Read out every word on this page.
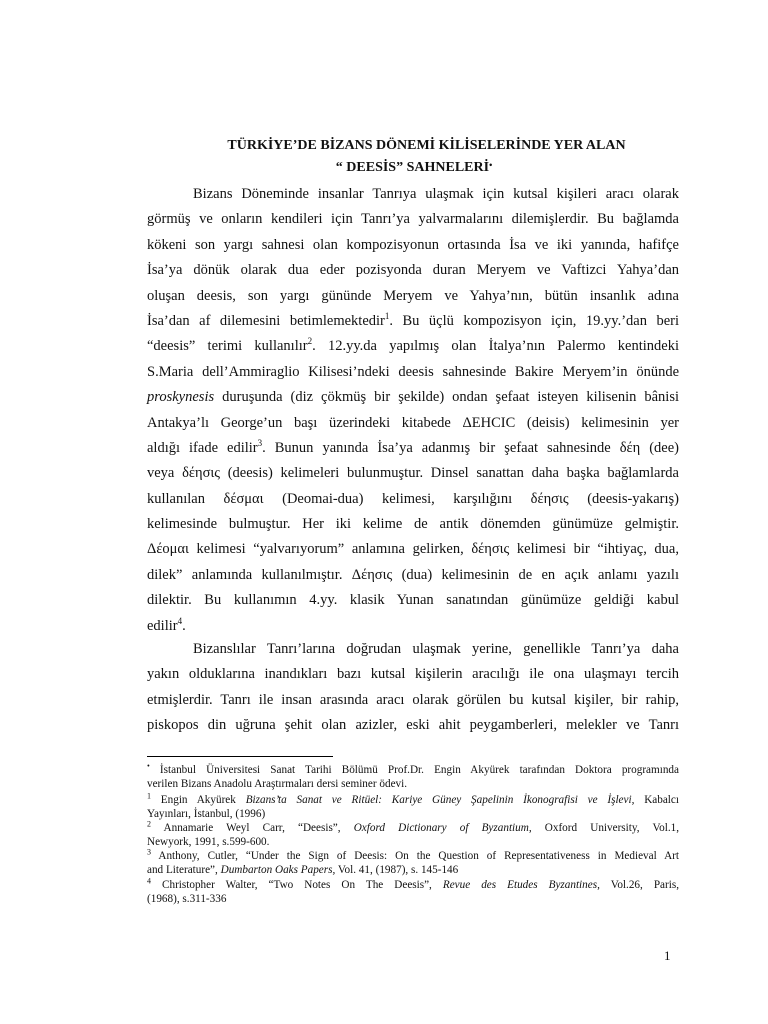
TÜRKİYE’DE BİZANS DÖNEMİ KİLİSELERİNDE YER ALAN
“ DEESİS” SAHNELERİ•
Bizans Döneminde insanlar Tanrıya ulaşmak için kutsal kişileri aracı olarak
görmüş ve onların kendileri için Tanrı’ya yalvarmalarını dilemişlerdir. Bu bağlamda
kökeni son yargı sahnesi olan kompozisyonun ortasında İsa ve iki yanında, hafifçe
İsa’ya dönük olarak dua eder pozisyonda duran Meryem ve Vaftizci Yahya’dan
oluşan deesis, son yargı gününde Meryem ve Yahya’nın, bütün insanlık adına
İsa’dan af dilemesini betimlemektedir$^1$. Bu üçlü kompozisyon için, 19.yy.’dan beri
“deesis” terimi kullanılır$^2$. 12.yy.da yapılmış olan İtalya’nın Palermo kentindeki
S.Maria dell’Ammiraglio Kilisesi’ndeki deesis sahnesinde Bakire Meryem’in önünde
proskynesis duruşunda (diz çökmüş bir şekilde) ondan şefaat isteyen kilisenin bânisi
Antakya’lı George’un başı üzerindeki kitabede ΔEHCIC (deisis) kelimesinin yer
aldığı ifade edilir$^3$. Bunun yanında İsa’ya adanmış bir şefaat sahnesinde δέη (dee)
veya δέησις (deesis) kelimeleri bulunmuştur. Dinsel sanattan daha başka bağlamlarda
kullanılan δέσμαι (Deomai-dua) kelimesi, karşılığını δέησις (deesis-yakarış)
kelimesinde bulmuştur. Her iki kelime de antik dönemden günümüze gelmiştir.
Δέομαι kelimesi “yalvarıyorum” anlamına gelirken, δέησις kelimesi bir “ihtiyaç, dua,
dilek” anlamında kullanılmıştır. Δέησις (dua) kelimesinin de en açık anlamı yazılı
dilektir. Bu kullanımın 4.yy. klasik Yunan sanatından günümüze geldiği kabul
edilir$^4$.
Bizanslılar Tanrı’larına doğrudan ulaşmak yerine, genellikle Tanrı’ya daha
yakın olduklarına inandıkları bazı kutsal kişilerin aracılığı ile ona ulaşmayı tercih
etmişlerdir. Tanrı ile insan arasında aracı olarak görülen bu kutsal kişiler, bir rahip,
piskopos din uğruna şehit olan azizler, eski ahit peygamberleri, melekler ve Tanrı
• İstanbul Üniversitesi Sanat Tarihi Bölümü Prof.Dr. Engin Akyürek tarafından Doktora programında
verilen Bizans Anadolu Araştırmaları dersi seminer ödevi.
$^1$ Engin Akyürek Bizans’ta Sanat ve Ritüel: Kariye Güney Şapelinin İkonografisi ve İşlevi, Kabalcı
Yayınları, İstanbul, (1996)
$^2$ Annamarie Weyl Carr, “Deesis”, Oxford Dictionary of Byzantium, Oxford University, Vol.1,
Newyork, 1991, s.599-600.
$^3$ Anthony, Cutler, “Under the Sign of Deesis: On the Question of Representativeness in Medieval Art
and Literature”, Dumbarton Oaks Papers, Vol. 41, (1987), s. 145-146
$^4$ Christopher Walter, “Two Notes On The Deesis”, Revue des Etudes Byzantines, Vol.26, Paris,
(1968), s.311-336
1
